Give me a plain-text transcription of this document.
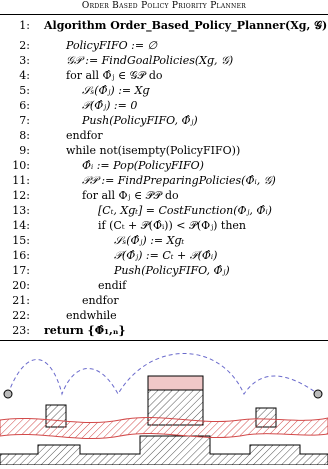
Order Based Policy Priority Planner
1: Algorithm Order_Based_Policy_Planner(Xɡ, 𝒢)
2:	PolicyFIFO := ∅
3:	𝒢𝒫 := FindGoalPolicies(Xɡ, 𝒢)
4:	for all Φ̂ⱼ ∈ 𝒢𝒫 do
5:	𝒮ₛ(Φ̂ⱼ) := Xɡ
6:	𝒫(Φ̂ⱼ) := 0
7:	Push(PolicyFIFO, Φ̂ⱼ)
8:	endfor
9:	while not(isempty(PolicyFIFO))
10:	Φ̂ᵢ := Pop(PolicyFIFO)
11:	𝒫𝒫 := FindPreparingPolicies(Φ̂ᵢ, 𝒢)
12:	for all Φⱼ ∈ 𝒫𝒫 do
13:	[Cₜ, Xɡₜ] = CostFunction(Φⱼ, Φ̂ᵢ)
14:	if (Cₜ + 𝒫(Φ̂ᵢ)) < 𝒫(Φⱼ) then
15:	𝒮ₛ(Φ̂ⱼ) := Xɡₜ
16:	𝒫(Φ̂ⱼ) := Cₜ + 𝒫(Φ̂ᵢ)
17:	Push(PolicyFIFO, Φ̂ⱼ)
20:	endif
21:	endfor
22:	endwhile
23: return {Φ̂₁,ₙ}
